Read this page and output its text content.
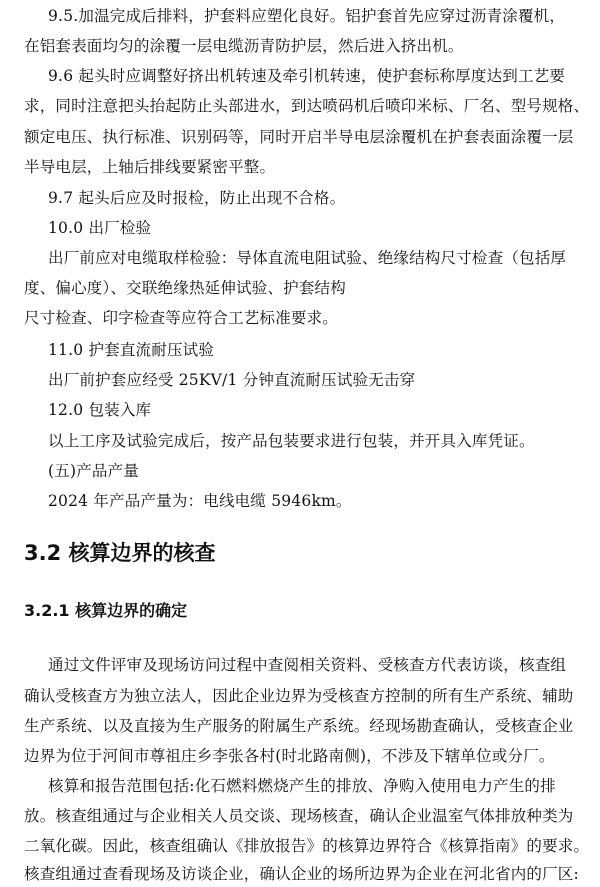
9.5.加温完成后排料，护套料应塑化良好。铝护套首先应穿过沥青涂覆机，
在铝套表面均匀的涂覆一层电缆沥青防护层，然后进入挤出机。
9.6 起头时应调整好挤出机转速及牵引机转速，使护套标称厚度达到工艺要
求，同时注意把头抬起防止头部进水，到达喷码机后喷印米标、厂名、型号规格、
额定电压、执行标准、识别码等，同时开启半导电层涂覆机在护套表面涂覆一层
半导电层，上轴后排线要紧密平整。
9.7 起头后应及时报检，防止出现不合格。
10.0 出厂检验
出厂前应对电缆取样检验：导体直流电阻试验、绝缘结构尺寸检查（包括厚
度、偏心度）、交联绝缘热延伸试验、护套结构
尺寸检查、印字检查等应符合工艺标准要求。
11.0 护套直流耐压试验
出厂前护套应经受 25KV/1 分钟直流耐压试验无击穿
12.0 包装入库
以上工序及试验完成后，按产品包装要求进行包装，并开具入库凭证。
(五)产品产量
2024 年产品产量为：电线电缆 5946km。
3.2 核算边界的核查
3.2.1 核算边界的确定
通过文件评审及现场访问过程中查阅相关资料、受核查方代表访谈，核查组
确认受核查方为独立法人，因此企业边界为受核查方控制的所有生产系统、辅助
生产系统、以及直接为生产服务的附属生产系统。经现场勘查确认，受核查企业
边界为位于河间市尊祖庄乡李张各村(时北路南侧)，不涉及下辖单位或分厂。
核算和报告范围包括:化石燃料燃烧产生的排放、净购入使用电力产生的排
放。核查组通过与企业相关人员交谈、现场核查，确认企业温室气体排放种类为
二氧化碳。因此，核查组确认《排放报告》的核算边界符合《核算指南》的要求。
核查组通过查看现场及访谈企业，确认企业的场所边界为企业在河北省内的厂区:
